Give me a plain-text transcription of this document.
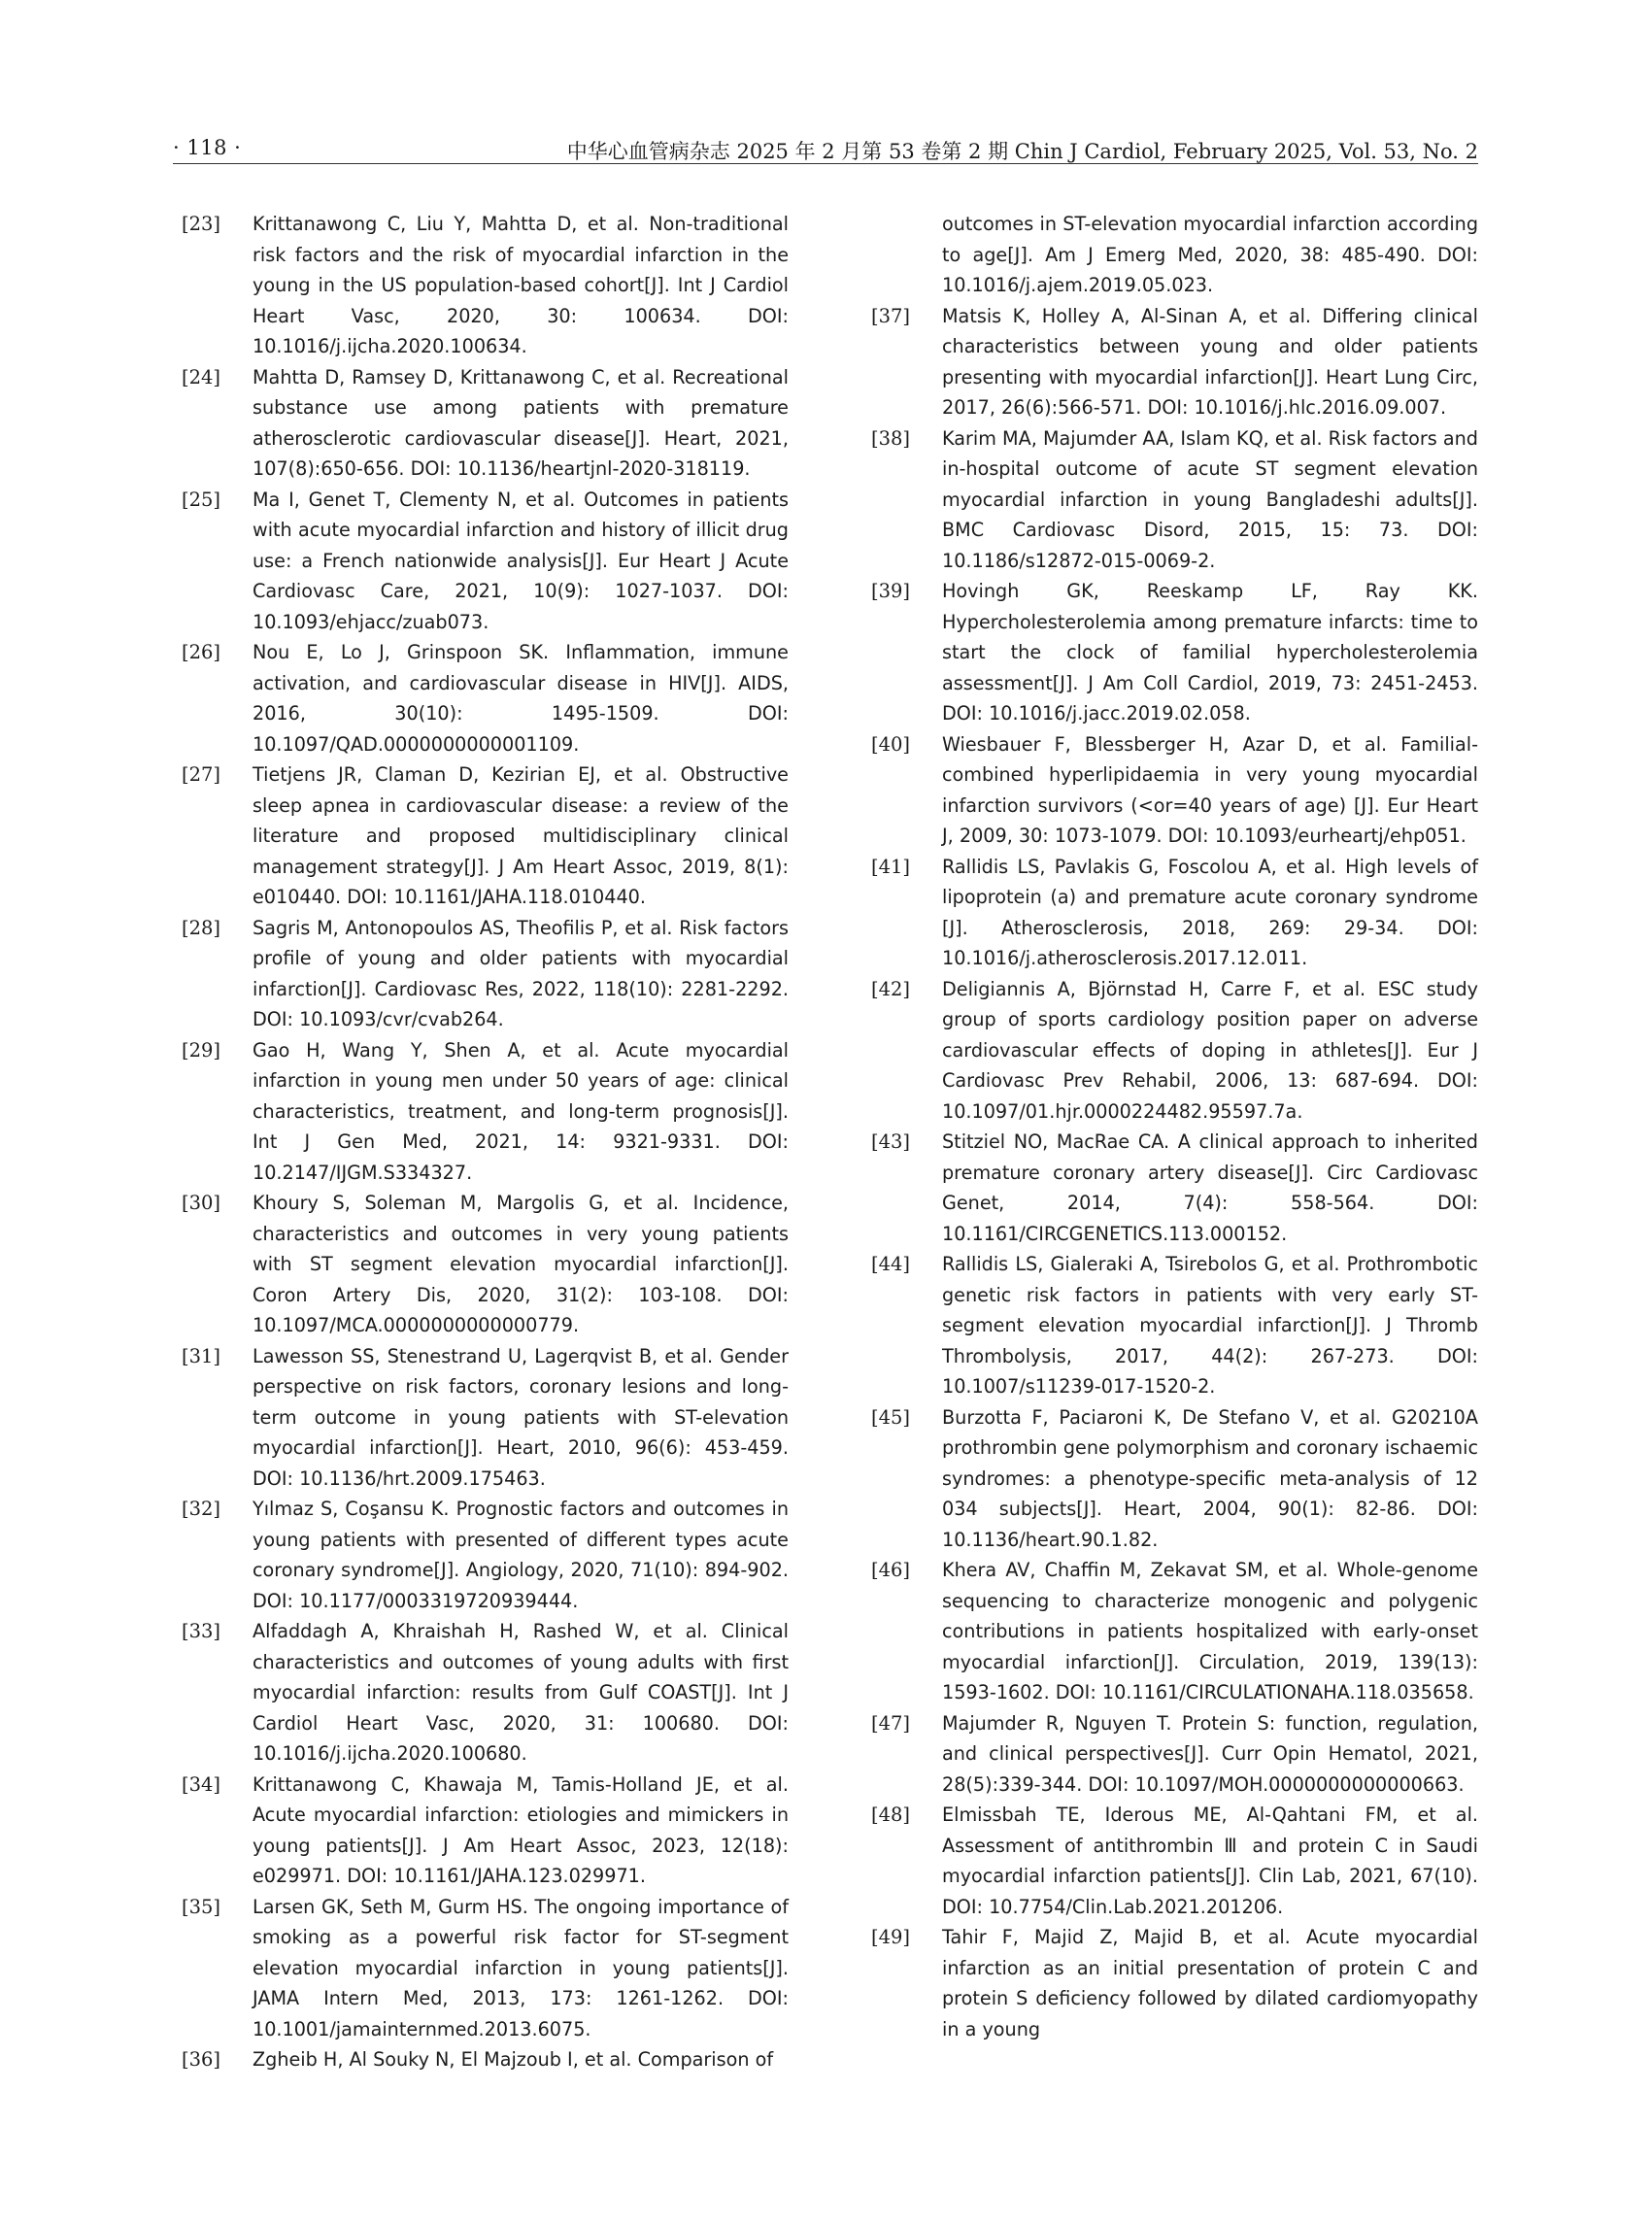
· 118 ·	中华心血管病杂志 2025 年 2 月第 53 卷第 2 期 Chin J Cardiol, February 2025, Vol. 53, No. 2
[23] Krittanawong C, Liu Y, Mahtta D, et al. Non-traditional risk factors and the risk of myocardial infarction in the young in the US population-based cohort[J]. Int J Cardiol Heart Vasc, 2020, 30: 100634. DOI: 10.1016/j.ijcha.2020.100634.
[24] Mahtta D, Ramsey D, Krittanawong C, et al. Recreational substance use among patients with premature atherosclerotic cardiovascular disease[J]. Heart, 2021, 107(8):650-656. DOI: 10.1136/heartjnl-2020-318119.
[25] Ma I, Genet T, Clementy N, et al. Outcomes in patients with acute myocardial infarction and history of illicit drug use: a French nationwide analysis[J]. Eur Heart J Acute Cardiovasc Care, 2021, 10(9): 1027-1037. DOI: 10.1093/ehjacc/zuab073.
[26] Nou E, Lo J, Grinspoon SK. Inflammation, immune activation, and cardiovascular disease in HIV[J]. AIDS, 2016, 30(10): 1495-1509. DOI: 10.1097/QAD.0000000000001109.
[27] Tietjens JR, Claman D, Kezirian EJ, et al. Obstructive sleep apnea in cardiovascular disease: a review of the literature and proposed multidisciplinary clinical management strategy[J]. J Am Heart Assoc, 2019, 8(1): e010440. DOI: 10.1161/JAHA.118.010440.
[28] Sagris M, Antonopoulos AS, Theofilis P, et al. Risk factors profile of young and older patients with myocardial infarction[J]. Cardiovasc Res, 2022, 118(10): 2281-2292. DOI: 10.1093/cvr/cvab264.
[29] Gao H, Wang Y, Shen A, et al. Acute myocardial infarction in young men under 50 years of age: clinical characteristics, treatment, and long-term prognosis[J]. Int J Gen Med, 2021, 14: 9321-9331. DOI: 10.2147/IJGM.S334327.
[30] Khoury S, Soleman M, Margolis G, et al. Incidence, characteristics and outcomes in very young patients with ST segment elevation myocardial infarction[J]. Coron Artery Dis, 2020, 31(2): 103-108. DOI: 10.1097/MCA.0000000000000779.
[31] Lawesson SS, Stenestrand U, Lagerqvist B, et al. Gender perspective on risk factors, coronary lesions and long-term outcome in young patients with ST-elevation myocardial infarction[J]. Heart, 2010, 96(6): 453-459. DOI: 10.1136/hrt.2009.175463.
[32] Yılmaz S, Coşansu K. Prognostic factors and outcomes in young patients with presented of different types acute coronary syndrome[J]. Angiology, 2020, 71(10): 894-902. DOI: 10.1177/0003319720939444.
[33] Alfaddagh A, Khraishah H, Rashed W, et al. Clinical characteristics and outcomes of young adults with first myocardial infarction: results from Gulf COAST[J]. Int J Cardiol Heart Vasc, 2020, 31: 100680. DOI: 10.1016/j.ijcha.2020.100680.
[34] Krittanawong C, Khawaja M, Tamis-Holland JE, et al. Acute myocardial infarction: etiologies and mimickers in young patients[J]. J Am Heart Assoc, 2023, 12(18): e029971. DOI: 10.1161/JAHA.123.029971.
[35] Larsen GK, Seth M, Gurm HS. The ongoing importance of smoking as a powerful risk factor for ST-segment elevation myocardial infarction in young patients[J]. JAMA Intern Med, 2013, 173: 1261-1262. DOI: 10.1001/jamainternmed.2013.6075.
[36] Zgheib H, Al Souky N, El Majzoub I, et al. Comparison of
outcomes in ST-elevation myocardial infarction according to age[J]. Am J Emerg Med, 2020, 38: 485-490. DOI: 10.1016/j.ajem.2019.05.023.
[37] Matsis K, Holley A, Al-Sinan A, et al. Differing clinical characteristics between young and older patients presenting with myocardial infarction[J]. Heart Lung Circ, 2017, 26(6):566-571. DOI: 10.1016/j.hlc.2016.09.007.
[38] Karim MA, Majumder AA, Islam KQ, et al. Risk factors and in-hospital outcome of acute ST segment elevation myocardial infarction in young Bangladeshi adults[J]. BMC Cardiovasc Disord, 2015, 15: 73. DOI: 10.1186/s12872-015-0069-2.
[39] Hovingh GK, Reeskamp LF, Ray KK. Hypercholesterolemia among premature infarcts: time to start the clock of familial hypercholesterolemia assessment[J]. J Am Coll Cardiol, 2019, 73: 2451-2453. DOI: 10.1016/j.jacc.2019.02.058.
[40] Wiesbauer F, Blessberger H, Azar D, et al. Familial-combined hyperlipidaemia in very young myocardial infarction survivors (<or=40 years of age) [J]. Eur Heart J, 2009, 30: 1073-1079. DOI: 10.1093/eurheartj/ehp051.
[41] Rallidis LS, Pavlakis G, Foscolou A, et al. High levels of lipoprotein (a) and premature acute coronary syndrome [J]. Atherosclerosis, 2018, 269: 29-34. DOI: 10.1016/j.atherosclerosis.2017.12.011.
[42] Deligiannis A, Björnstad H, Carre F, et al. ESC study group of sports cardiology position paper on adverse cardiovascular effects of doping in athletes[J]. Eur J Cardiovasc Prev Rehabil, 2006, 13: 687-694. DOI: 10.1097/01.hjr.0000224482.95597.7a.
[43] Stitziel NO, MacRae CA. A clinical approach to inherited premature coronary artery disease[J]. Circ Cardiovasc Genet, 2014, 7(4): 558-564. DOI: 10.1161/CIRCGENETICS.113.000152.
[44] Rallidis LS, Gialeraki A, Tsirebolos G, et al. Prothrombotic genetic risk factors in patients with very early ST-segment elevation myocardial infarction[J]. J Thromb Thrombolysis, 2017, 44(2): 267-273. DOI: 10.1007/s11239-017-1520-2.
[45] Burzotta F, Paciaroni K, De Stefano V, et al. G20210A prothrombin gene polymorphism and coronary ischaemic syndromes: a phenotype-specific meta-analysis of 12 034 subjects[J]. Heart, 2004, 90(1): 82-86. DOI: 10.1136/heart.90.1.82.
[46] Khera AV, Chaffin M, Zekavat SM, et al. Whole-genome sequencing to characterize monogenic and polygenic contributions in patients hospitalized with early-onset myocardial infarction[J]. Circulation, 2019, 139(13): 1593-1602. DOI: 10.1161/CIRCULATIONAHA.118.035658.
[47] Majumder R, Nguyen T. Protein S: function, regulation, and clinical perspectives[J]. Curr Opin Hematol, 2021, 28(5):339-344. DOI: 10.1097/MOH.0000000000000663.
[48] Elmissbah TE, Iderous ME, Al-Qahtani FM, et al. Assessment of antithrombin Ⅲ and protein C in Saudi myocardial infarction patients[J]. Clin Lab, 2021, 67(10). DOI: 10.7754/Clin.Lab.2021.201206.
[49] Tahir F, Majid Z, Majid B, et al. Acute myocardial infarction as an initial presentation of protein C and protein S deficiency followed by dilated cardiomyopathy in a young
